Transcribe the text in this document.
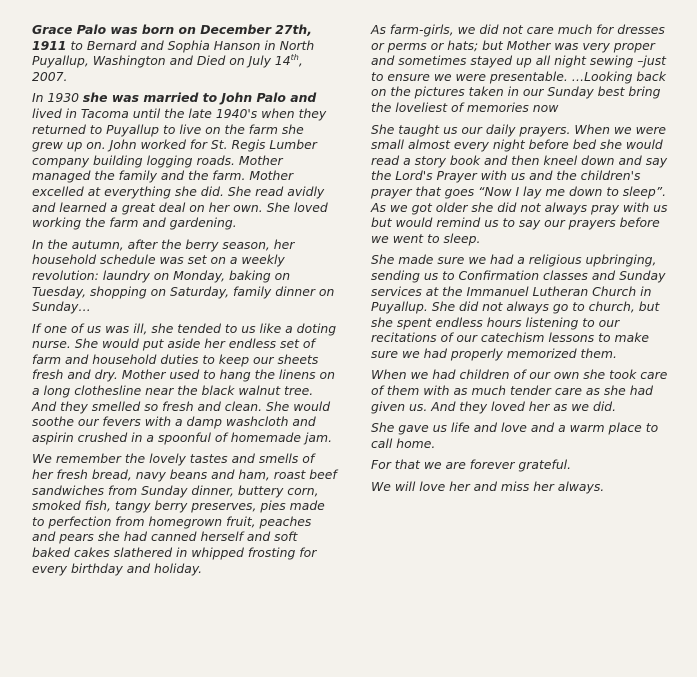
Grace Palo was born on December 27th, 1911 to Bernard and Sophia Hanson in North Puyallup, Washington and Died on July 14th, 2007.

In 1930 she was married to John Palo and lived in Tacoma until the late 1940's when they returned to Puyallup to live on the farm she grew up on. John worked for St. Regis Lumber company building logging roads. Mother managed the family and the farm. Mother excelled at everything she did. She read avidly and learned a great deal on her own. She loved working the farm and gardening.

In the autumn, after the berry season, her household schedule was set on a weekly revolution: laundry on Monday, baking on Tuesday, shopping on Saturday, family dinner on Sunday…

If one of us was ill, she tended to us like a doting nurse. She would put aside her endless set of farm and household duties to keep our sheets fresh and dry. Mother used to hang the linens on a long clothesline near the black walnut tree. And they smelled so fresh and clean. She would soothe our fevers with a damp washcloth and aspirin crushed in a spoonful of homemade jam.

We remember the lovely tastes and smells of her fresh bread, navy beans and ham, roast beef sandwiches from Sunday dinner, buttery corn, smoked fish, tangy berry preserves, pies made to perfection from homegrown fruit, peaches and pears she had canned herself and soft baked cakes slathered in whipped frosting for every birthday and holiday.

As farm-girls, we did not care much for dresses or perms or hats; but Mother was very proper and sometimes stayed up all night sewing –just to ensure we were presentable. …Looking back on the pictures taken in our Sunday best bring the loveliest of memories now

She taught us our daily prayers. When we were small almost every night before bed she would read a story book and then kneel down and say the Lord's Prayer with us and the children's prayer that goes “Now I lay me down to sleep”. As we got older she did not always pray with us but would remind us to say our prayers before we went to sleep.

She made sure we had a religious upbringing, sending us to Confirmation classes and Sunday services at the Immanuel Lutheran Church in Puyallup. She did not always go to church, but she spent endless hours listening to our recitations of our catechism lessons to make sure we had properly memorized them.

When we had children of our own she took care of them with as much tender care as she had given us. And they loved her as we did.

She gave us life and love and a warm place to call home.

For that we are forever grateful.

We will love her and miss her always.
